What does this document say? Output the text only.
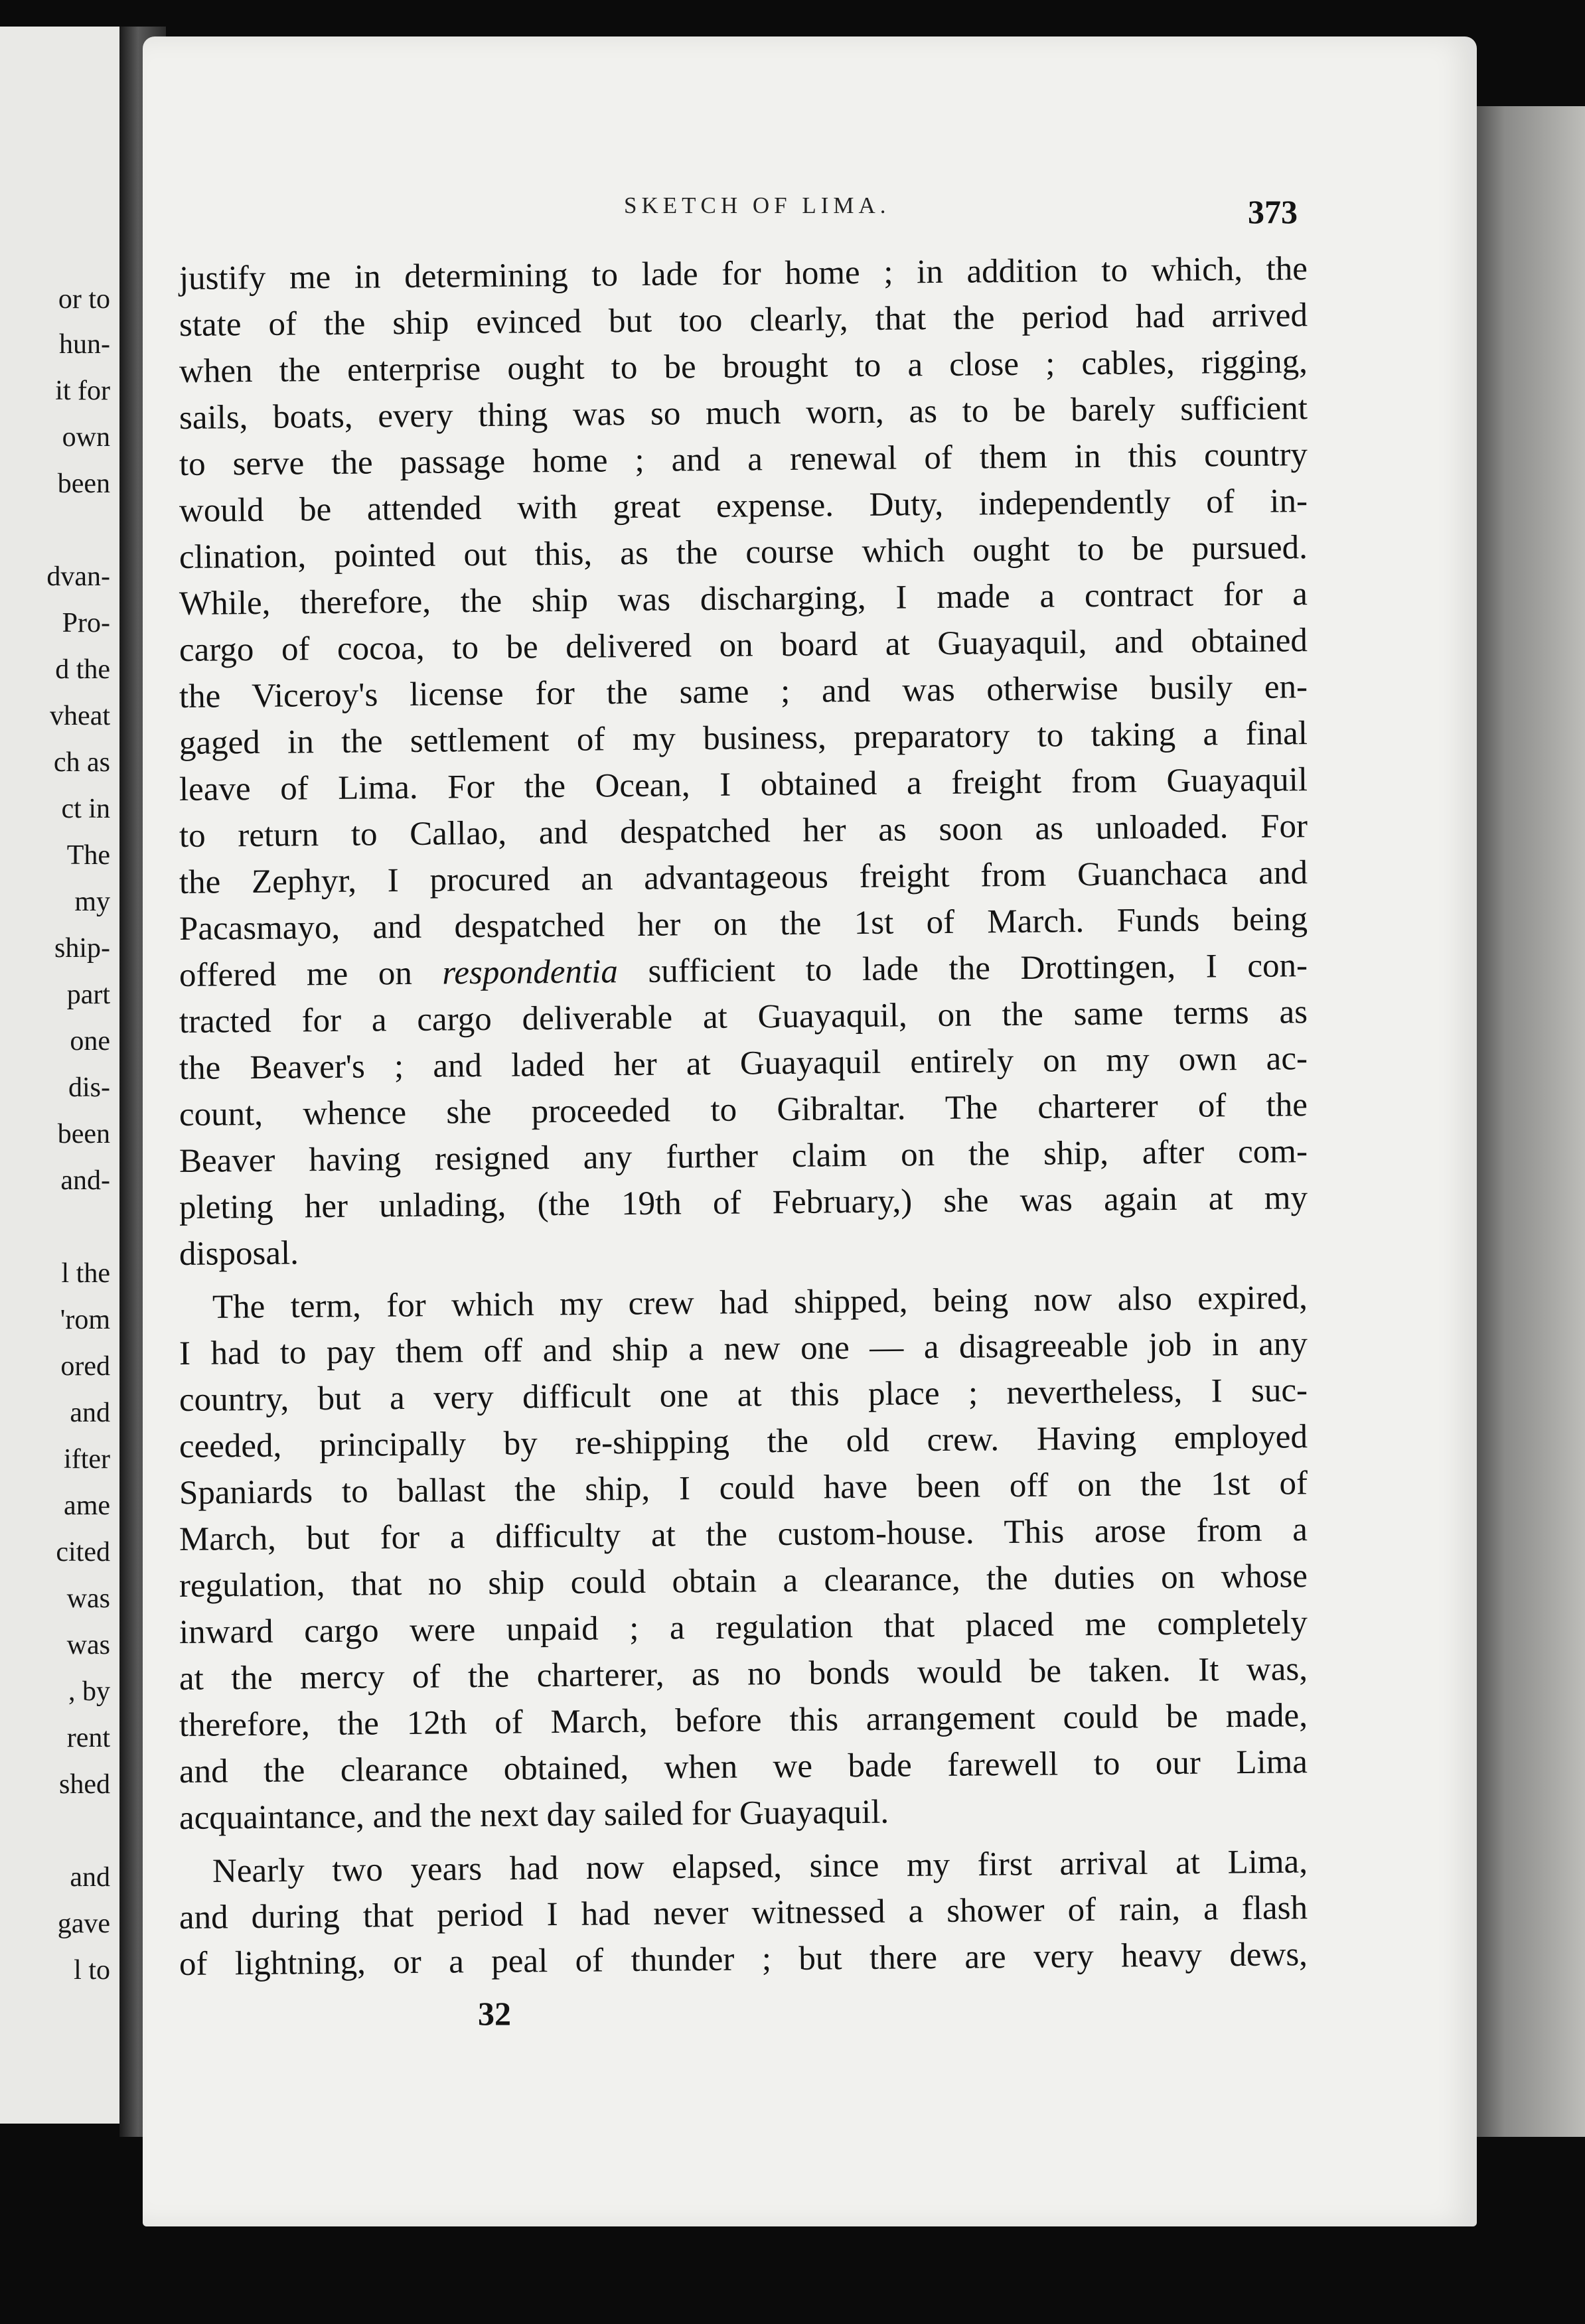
or to
hun-
it for
own
been
dvan-
Pro-
d the
vheat
ch as
ct in
The
my
ship-
part
one
dis-
been
and-
l the
'rom
ored
and
ifter
ame
cited
was
was
, by
rent
shed
and
gave
l to
SKETCH OF LIMA.	373
justify me in determining to lade for home ; in addition to which, the
state of the ship evinced but too clearly, that the period had arrived
when the enterprise ought to be brought to a close ; cables, rigging,
sails, boats, every thing was so much worn, as to be barely sufficient
to serve the passage home ; and a renewal of them in this country
would be attended with great expense. Duty, independently of in-
clination, pointed out this, as the course which ought to be pursued.
While, therefore, the ship was discharging, I made a contract for a
cargo of cocoa, to be delivered on board at Guayaquil, and obtained
the Viceroy's license for the same ; and was otherwise busily en-
gaged in the settlement of my business, preparatory to taking a final
leave of Lima. For the Ocean, I obtained a freight from Guayaquil
to return to Callao, and despatched her as soon as unloaded. For
the Zephyr, I procured an advantageous freight from Guanchaca and
Pacasmayo, and despatched her on the 1st of March. Funds being
offered me on respondentia sufficient to lade the Drottingen, I con-
tracted for a cargo deliverable at Guayaquil, on the same terms as
the Beaver's ; and laded her at Guayaquil entirely on my own ac-
count, whence she proceeded to Gibraltar. The charterer of the
Beaver having resigned any further claim on the ship, after com-
pleting her unlading, (the 19th of February,) she was again at my
disposal.
The term, for which my crew had shipped, being now also expired,
I had to pay them off and ship a new one — a disagreeable job in any
country, but a very difficult one at this place ; nevertheless, I suc-
ceeded, principally by re-shipping the old crew. Having employed
Spaniards to ballast the ship, I could have been off on the 1st of
March, but for a difficulty at the custom-house. This arose from a
regulation, that no ship could obtain a clearance, the duties on whose
inward cargo were unpaid ; a regulation that placed me completely
at the mercy of the charterer, as no bonds would be taken. It was,
therefore, the 12th of March, before this arrangement could be made,
and the clearance obtained, when we bade farewell to our Lima
acquaintance, and the next day sailed for Guayaquil.
Nearly two years had now elapsed, since my first arrival at Lima,
and during that period I had never witnessed a shower of rain, a flash
of lightning, or a peal of thunder ; but there are very heavy dews,
32
